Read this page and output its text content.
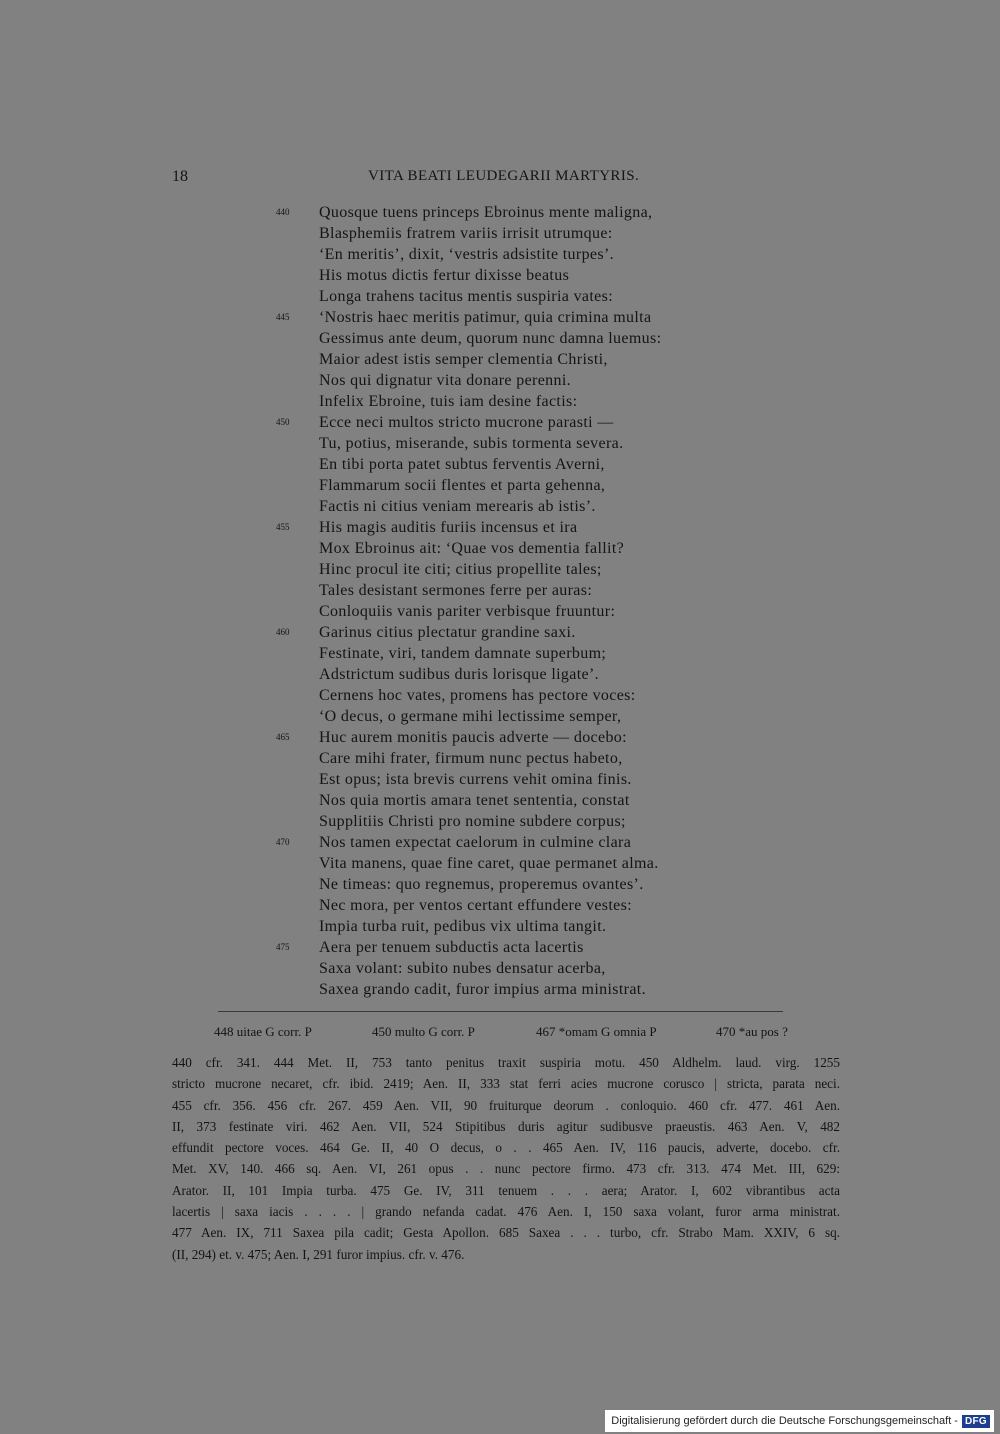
18	VITA BEATI LEUDEGARII MARTYRIS.
440 Quosque tuens princeps Ebroinus mente maligna,
Blasphemiis fratrem variis irrisit utrumque:
‘En meritis’, dixit, ‘vestris adsistite turpes’.
His motus dictis fertur dixisse beatus
Longa trahens tacitus mentis suspiria vates:
445 ‘Nostris haec meritis patimur, quia crimina multa
Gessimus ante deum, quorum nunc damna luemus:
Maior adest istis semper clementia Christi,
Nos qui dignatur vita donare perenni.
Infelix Ebroine, tuis iam desine factis:
450 Ecce neci multos stricto mucrone parasti —
Tu, potius, miserande, subis tormenta severa.
En tibi porta patet subtus ferventis Averni,
Flammarum socii flentes et parta gehenna,
Factis ni citius veniam merearis ab istis’.
455 His magis auditis furiis incensus et ira
Mox Ebroinus ait: ‘Quae vos dementia fallit?
Hinc procul ite citi; citius propellite tales;
Tales desistant sermones ferre per auras:
Conloquiis vanis pariter verbisque fruuntur:
460 Garinus citius plectatur grandine saxi.
Festinate, viri, tandem damnate superbum;
Adstrictum sudibus duris lorisque ligate’.
Cernens hoc vates, promens has pectore voces:
‘O decus, o germane mihi lectissime semper,
465 Huc aurem monitis paucis adverte — docebo:
Care mihi frater, firmum nunc pectus habeto,
Est opus; ista brevis currens vehit omina finis.
Nos quia mortis amara tenet sententia, constat
Supplitiis Christi pro nomine subdere corpus;
470 Nos tamen expectat caelorum in culmine clara
Vita manens, quae fine caret, quae permanet alma.
Ne timeas: quo regnemus, properemus ovantes’.
Nec mora, per ventos certant effundere vestes:
Impia turba ruit, pedibus vix ultima tangit.
475 Aera per tenuem subductis acta lacertis
Saxa volant: subito nubes densatur acerba,
Saxea grando cadit, furor impius arma ministrat.
448 uitae G corr. P	450 multo G corr. P	467 *omam G omnia P	470 *au pos ?
440 cfr. 341. 444 Met. II, 753 tanto penitus traxit suspiria motu. 450 Aldhelm. laud. virg. 1255
stricto mucrone necaret, cfr. ibid. 2419; Aen. II, 333 stat ferri acies mucrone corusco | stricta, parata neci.
455 cfr. 356. 456 cfr. 267. 459 Aen. VII, 90 fruiturque deorum . conloquio. 460 cfr. 477. 461 Aen.
II, 373 festinate viri. 462 Aen. VII, 524 Stipitibus duris agitur sudibusve praeustis. 463 Aen. V, 482
effundit pectore voces. 464 Ge. II, 40 O decus, o . . 465 Aen. IV, 116 paucis, adverte, docebo. cfr.
Met. XV, 140. 466 sq. Aen. VI, 261 opus . . nunc pectore firmo. 473 cfr. 313. 474 Met. III, 629:
Arator. II, 101 Impia turba. 475 Ge. IV, 311 tenuem . . . aera; Arator. I, 602 vibrantibus acta
lacertis | saxa iacis . . . . | grando nefanda cadat. 476 Aen. I, 150 saxa volant, furor arma ministrat.
477 Aen. IX, 711 Saxea pila cadit; Gesta Apollon. 685 Saxea . . . turbo, cfr. Strabo Mam. XXIV, 6 sq.
(II, 294) et. v. 475; Aen. I, 291 furor impius. cfr. v. 476.
Digitalisierung gefördert durch die Deutsche Forschungsgemeinschaft - DFG
